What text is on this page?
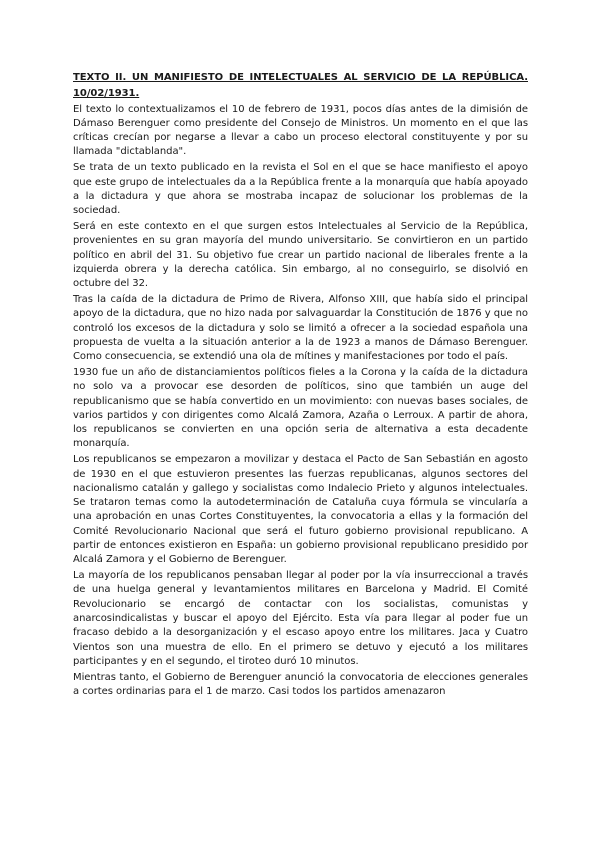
TEXTO II. UN MANIFIESTO DE INTELECTUALES AL SERVICIO DE LA REPÚBLICA.
10/02/1931.

El texto lo contextualizamos el 10 de febrero de 1931, pocos días antes de la dimisión de Dámaso Berenguer como presidente del Consejo de Ministros. Un momento en el que las críticas crecían por negarse a llevar a cabo un proceso electoral constituyente y por su llamada "dictablanda".

Se trata de un texto publicado en la revista el Sol en el que se hace manifiesto el apoyo que este grupo de intelectuales da a la República frente a la monarquía que había apoyado a la dictadura y que ahora se mostraba incapaz de solucionar los problemas de la sociedad.

Será en este contexto en el que surgen estos Intelectuales al Servicio de la República, provenientes en su gran mayoría del mundo universitario. Se convirtieron en un partido político en abril del 31. Su objetivo fue crear un partido nacional de liberales frente a la izquierda obrera y la derecha católica. Sin embargo, al no conseguirlo, se disolvió en octubre del 32.

Tras la caída de la dictadura de Primo de Rivera, Alfonso XIII, que había sido el principal apoyo de la dictadura, que no hizo nada por salvaguardar la Constitución de 1876 y que no controló los excesos de la dictadura y solo se limitó a ofrecer a la sociedad española una propuesta de vuelta a la situación anterior a la de 1923 a manos de Dámaso Berenguer. Como consecuencia, se extendió una ola de mítines y manifestaciones por todo el país.

1930 fue un año de distanciamientos políticos fieles a la Corona y la caída de la dictadura no solo va a provocar ese desorden de políticos, sino que también un auge del republicanismo que se había convertido en un movimiento: con nuevas bases sociales, de varios partidos y con dirigentes como Alcalá Zamora, Azaña o Lerroux. A partir de ahora, los republicanos se convierten en una opción seria de alternativa a esta decadente monarquía.

Los republicanos se empezaron a movilizar y destaca el Pacto de San Sebastián en agosto de 1930 en el que estuvieron presentes las fuerzas republicanas, algunos sectores del nacionalismo catalán y gallego y socialistas como Indalecio Prieto y algunos intelectuales. Se trataron temas como la autodeterminación de Cataluña cuya fórmula se vincularía a una aprobación en unas Cortes Constituyentes, la convocatoria a ellas y la formación del Comité Revolucionario Nacional que será el futuro gobierno provisional republicano. A partir de entonces existieron en España: un gobierno provisional republicano presidido por Alcalá Zamora y el Gobierno de Berenguer.

La mayoría de los republicanos pensaban llegar al poder por la vía insurreccional a través de una huelga general y levantamientos militares en Barcelona y Madrid. El Comité Revolucionario se encargó de contactar con los socialistas, comunistas y anarcosindicalistas y buscar el apoyo del Ejército. Esta vía para llegar al poder fue un fracaso debido a la desorganización y el escaso apoyo entre los militares. Jaca y Cuatro Vientos son una muestra de ello. En el primero se detuvo y ejecutó a los militares participantes y en el segundo, el tiroteo duró 10 minutos.

Mientras tanto, el Gobierno de Berenguer anunció la convocatoria de elecciones generales a cortes ordinarias para el 1 de marzo. Casi todos los partidos amenazaron
